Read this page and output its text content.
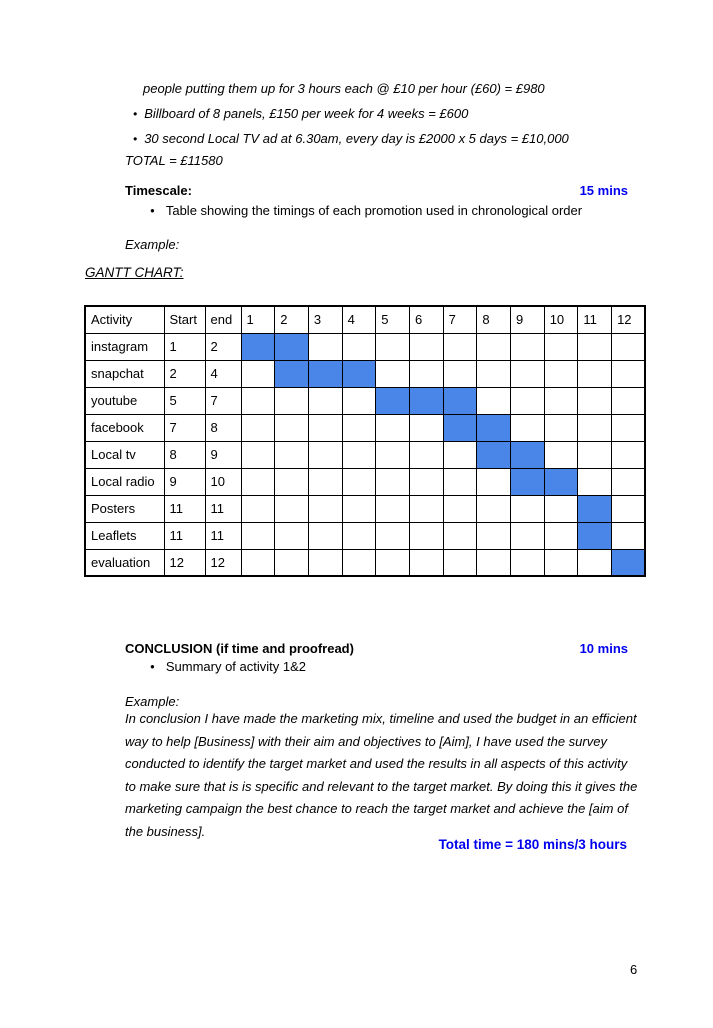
people putting them up for 3 hours each @ £10 per hour (£60) = £980
• Billboard of 8 panels, £150 per week for 4 weeks = £600
• 30 second Local TV ad at 6.30am, every day is £2000 x 5 days = £10,000
TOTAL = £11580
Timescale:	15 mins
● Table showing the timings of each promotion used in chronological order
Example:
GANTT CHART:
Activity	Start	end	1	2	3	4	5	6	7	8	9	10	11	12
instagram	1	2												
snapchat	2	4												
youtube	5	7												
facebook	7	8												
Local tv	8	9												
Local radio	9	10												
Posters	11	11												
Leaflets	11	11												
evaluation	12	12												
CONCLUSION (if time and proofread)	10 mins
● Summary of activity 1&2
Example:
In conclusion I have made the marketing mix, timeline and used the budget in an efficient way to help [Business] with their aim and objectives to [Aim], I have used the survey conducted to identify the target market and used the results in all aspects of this activity to make sure that is is specific and relevant to the target market. By doing this it gives the marketing campaign the best chance to reach the target market and achieve the [aim of the business].
Total time = 180 mins/3 hours
6
